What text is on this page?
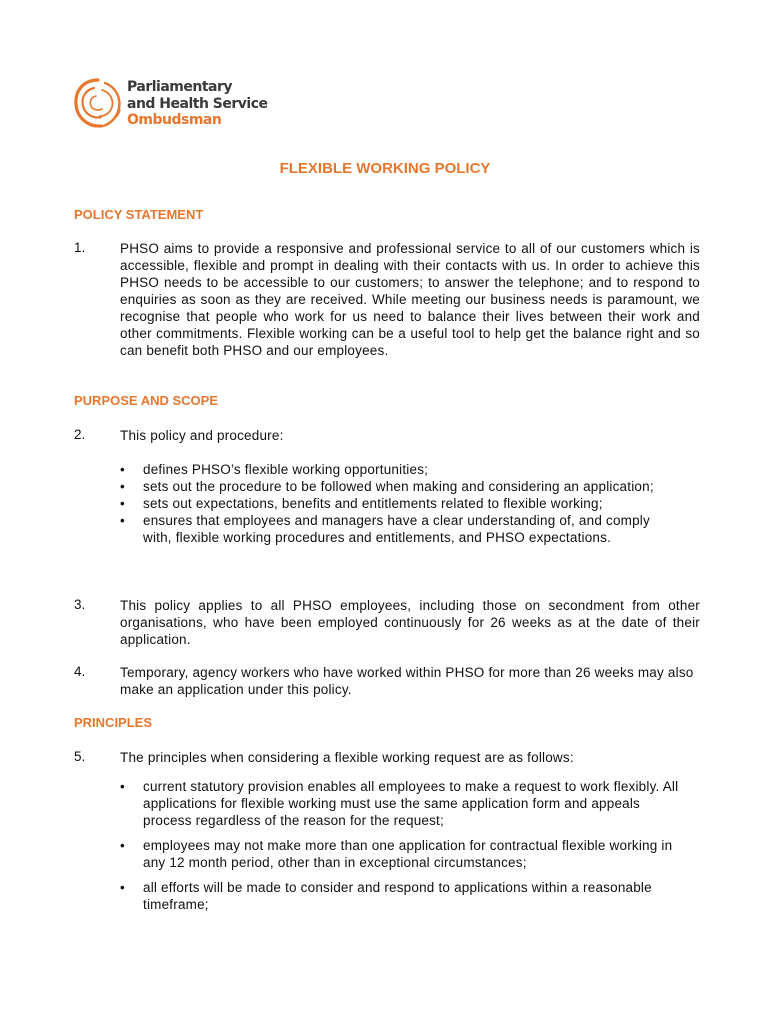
Parliamentary
and Health Service
Ombudsman
FLEXIBLE WORKING POLICY
POLICY STATEMENT
1.	PHSO aims to provide a responsive and professional service to all of our customers which is accessible, flexible and prompt in dealing with their contacts with us. In order to achieve this PHSO needs to be accessible to our customers; to answer the telephone; and to respond to enquiries as soon as they are received. While meeting our business needs is paramount, we recognise that people who work for us need to balance their lives between their work and other commitments. Flexible working can be a useful tool to help get the balance right and so can benefit both PHSO and our employees.
PURPOSE AND SCOPE
2.	This policy and procedure:
• defines PHSO’s flexible working opportunities;
• sets out the procedure to be followed when making and considering an application;
• sets out expectations, benefits and entitlements related to flexible working;
• ensures that employees and managers have a clear understanding of, and comply with, flexible working procedures and entitlements, and PHSO expectations.
3.	This policy applies to all PHSO employees, including those on secondment from other organisations, who have been employed continuously for 26 weeks as at the date of their application.
4.	Temporary, agency workers who have worked within PHSO for more than 26 weeks may also make an application under this policy.
PRINCIPLES
5.	The principles when considering a flexible working request are as follows:
• current statutory provision enables all employees to make a request to work flexibly. All applications for flexible working must use the same application form and appeals process regardless of the reason for the request;
• employees may not make more than one application for contractual flexible working in any 12 month period, other than in exceptional circumstances;
• all efforts will be made to consider and respond to applications within a reasonable timeframe;
